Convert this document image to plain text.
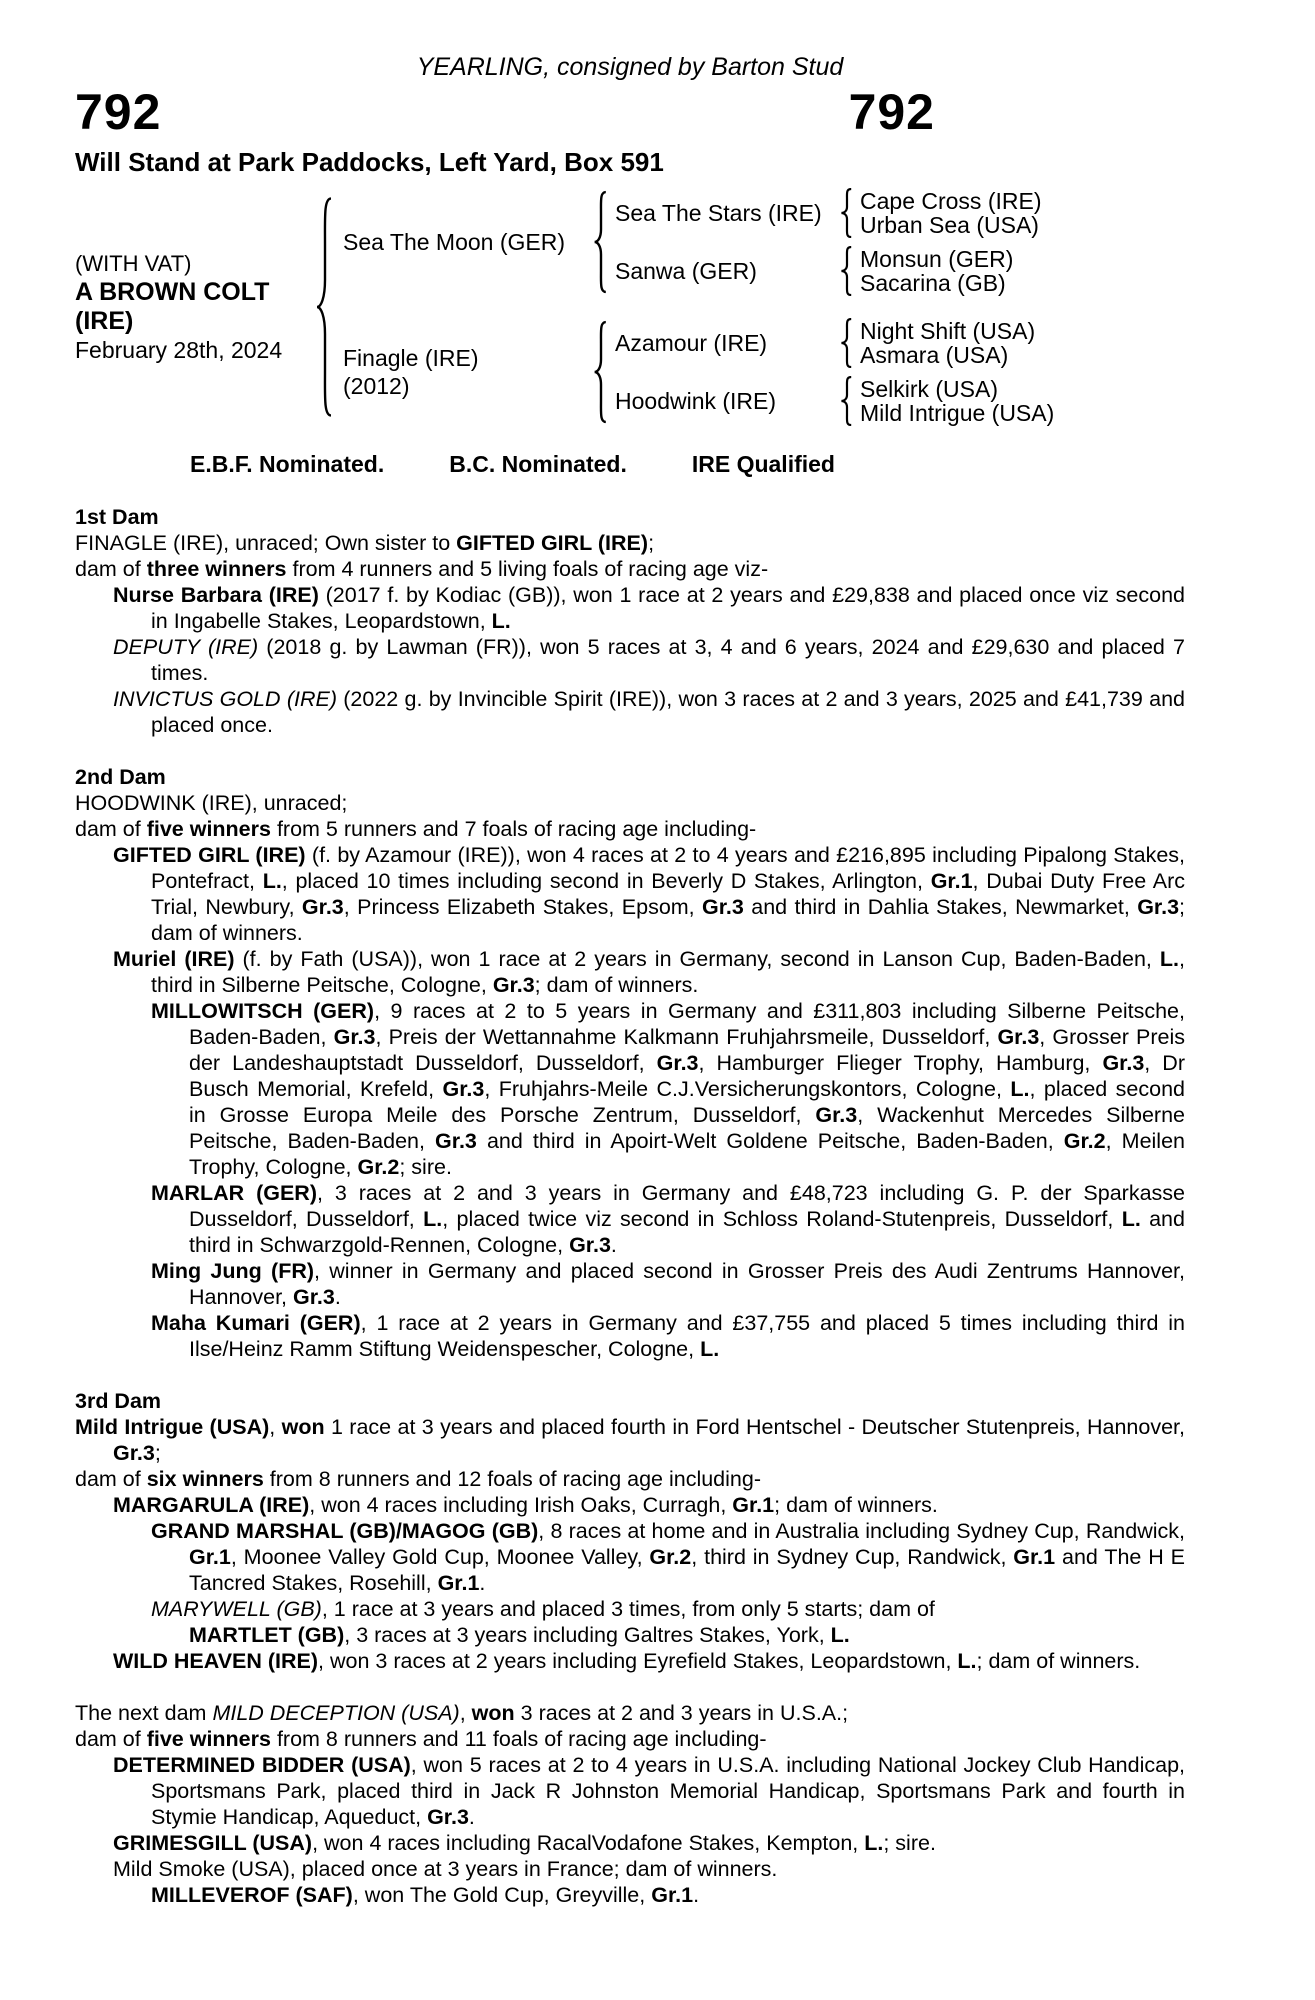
YEARLING, consigned by Barton Stud
792	792
Will Stand at Park Paddocks, Left Yard, Box 591
(WITH VAT)
A BROWN COLT
(IRE)
February 28th, 2024
Sea The Moon (GER)
Sea The Stars (IRE)	Cape Cross (IRE)
Urban Sea (USA)
Sanwa (GER)	Monsun (GER)
Sacarina (GB)
Finagle (IRE)
(2012)
Azamour (IRE)	Night Shift (USA)
Asmara (USA)
Hoodwink (IRE)	Selkirk (USA)
Mild Intrigue (USA)
E.B.F. Nominated.	B.C. Nominated.	IRE Qualified
1st Dam

FINAGLE (IRE), unraced; Own sister to GIFTED GIRL (IRE);

dam of three winners from 4 runners and 5 living foals of racing age viz-

Nurse Barbara (IRE) (2017 f. by Kodiac (GB)), won 1 race at 2 years and £29,838 and placed once viz second in Ingabelle Stakes, Leopardstown, L.

DEPUTY (IRE) (2018 g. by Lawman (FR)), won 5 races at 3, 4 and 6 years, 2024 and £29,630 and placed 7 times.

INVICTUS GOLD (IRE) (2022 g. by Invincible Spirit (IRE)), won 3 races at 2 and 3 years, 2025 and £41,739 and placed once.

2nd Dam

HOODWINK (IRE), unraced;

dam of five winners from 5 runners and 7 foals of racing age including-

GIFTED GIRL (IRE) (f. by Azamour (IRE)), won 4 races at 2 to 4 years and £216,895 including Pipalong Stakes, Pontefract, L., placed 10 times including second in Beverly D Stakes, Arlington, Gr.1, Dubai Duty Free Arc Trial, Newbury, Gr.3, Princess Elizabeth Stakes, Epsom, Gr.3 and third in Dahlia Stakes, Newmarket, Gr.3; dam of winners.

Muriel (IRE) (f. by Fath (USA)), won 1 race at 2 years in Germany, second in Lanson Cup, Baden-Baden, L., third in Silberne Peitsche, Cologne, Gr.3; dam of winners.

MILLOWITSCH (GER), 9 races at 2 to 5 years in Germany and £311,803 including Silberne Peitsche, Baden-Baden, Gr.3, Preis der Wettannahme Kalkmann Fruhjahrsmeile, Dusseldorf, Gr.3, Grosser Preis der Landeshauptstadt Dusseldorf, Dusseldorf, Gr.3, Hamburger Flieger Trophy, Hamburg, Gr.3, Dr Busch Memorial, Krefeld, Gr.3, Fruhjahrs-Meile C.J.Versicherungskontors, Cologne, L., placed second in Grosse Europa Meile des Porsche Zentrum, Dusseldorf, Gr.3, Wackenhut Mercedes Silberne Peitsche, Baden-Baden, Gr.3 and third in Apoirt-Welt Goldene Peitsche, Baden-Baden, Gr.2, Meilen Trophy, Cologne, Gr.2; sire.

MARLAR (GER), 3 races at 2 and 3 years in Germany and £48,723 including G. P. der Sparkasse Dusseldorf, Dusseldorf, L., placed twice viz second in Schloss Roland-Stutenpreis, Dusseldorf, L. and third in Schwarzgold-Rennen, Cologne, Gr.3.

Ming Jung (FR), winner in Germany and placed second in Grosser Preis des Audi Zentrums Hannover, Hannover, Gr.3.

Maha Kumari (GER), 1 race at 2 years in Germany and £37,755 and placed 5 times including third in Ilse/Heinz Ramm Stiftung Weidenspescher, Cologne, L.

3rd Dam

Mild Intrigue (USA), won 1 race at 3 years and placed fourth in Ford Hentschel - Deutscher Stutenpreis, Hannover, Gr.3;

dam of six winners from 8 runners and 12 foals of racing age including-

MARGARULA (IRE), won 4 races including Irish Oaks, Curragh, Gr.1; dam of winners.

GRAND MARSHAL (GB)/MAGOG (GB), 8 races at home and in Australia including Sydney Cup, Randwick, Gr.1, Moonee Valley Gold Cup, Moonee Valley, Gr.2, third in Sydney Cup, Randwick, Gr.1 and The H E Tancred Stakes, Rosehill, Gr.1.

MARYWELL (GB), 1 race at 3 years and placed 3 times, from only 5 starts; dam of

MARTLET (GB), 3 races at 3 years including Galtres Stakes, York, L.

WILD HEAVEN (IRE), won 3 races at 2 years including Eyrefield Stakes, Leopardstown, L.; dam of winners.

The next dam MILD DECEPTION (USA), won 3 races at 2 and 3 years in U.S.A.;

dam of five winners from 8 runners and 11 foals of racing age including-

DETERMINED BIDDER (USA), won 5 races at 2 to 4 years in U.S.A. including National Jockey Club Handicap, Sportsmans Park, placed third in Jack R Johnston Memorial Handicap, Sportsmans Park and fourth in Stymie Handicap, Aqueduct, Gr.3.

GRIMESGILL (USA), won 4 races including RacalVodafone Stakes, Kempton, L.; sire.

Mild Smoke (USA), placed once at 3 years in France; dam of winners.

MILLEVEROF (SAF), won The Gold Cup, Greyville, Gr.1.
